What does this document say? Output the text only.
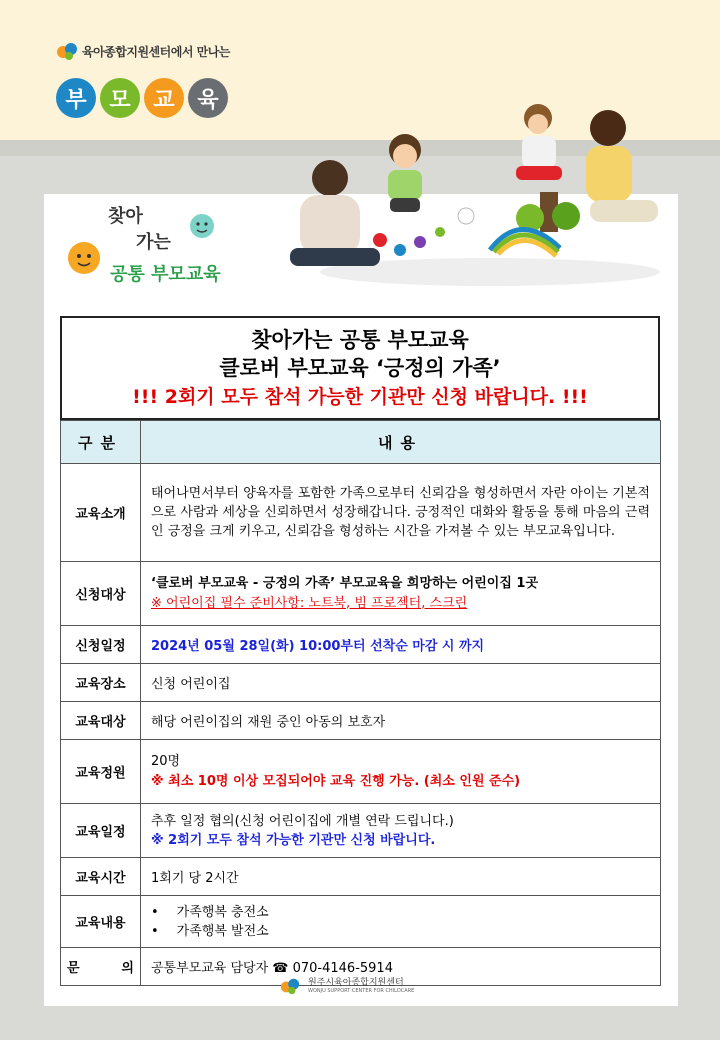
육아종합지원센터에서 만나는
부	모	교	육
찾아
가는
공통 부모교육
찾아가는 공통 부모교육
클로버 부모교육 ‘긍정의 가족’
!!! 2회기 모두 참석 가능한 기관만 신청 바랍니다. !!!
구분	내용
교육소개	태어나면서부터 양육자를 포함한 가족으로부터 신뢰감을 형성하면서 자란 아이는 기본적으로 사람과 세상을 신뢰하면서 성장해갑니다. 긍정적인 대화와 활동을 통해 마음의 근력인 긍정을 크게 키우고, 신뢰감을 형성하는 시간을 가져볼 수 있는 부모교육입니다.
신청대상	‘클로버 부모교육 - 긍정의 가족’ 부모교육을 희망하는 어린이집 1곳
※ 어린이집 필수 준비사항: 노트북, 빔 프로젝터, 스크린

신청일정	2024년 05월 28일(화) 10:00부터 선착순 마감 시 까지
교육장소	신청 어린이집
교육대상	해당 어린이집의 재원 중인 아동의 보호자
교육정원	20명
※ 최소 10명 이상 모집되어야 교육 진행 가능. (최소 인원 준수)

교육일정	추후 일정 협의(신청 어린이집에 개별 연락 드립니다.)
※ 2회기 모두 참석 가능한 기관만 신청 바랍니다.

교육시간	1회기 당 2시간
교육내용	• 가족행복 충전소
• 가족행복 발전소

문 의	공통부모교육 담당자 ☎ 070-4146-5914
원주시육아종합지원센터
WONJU SUPPORT CENTER FOR CHILDCARE
